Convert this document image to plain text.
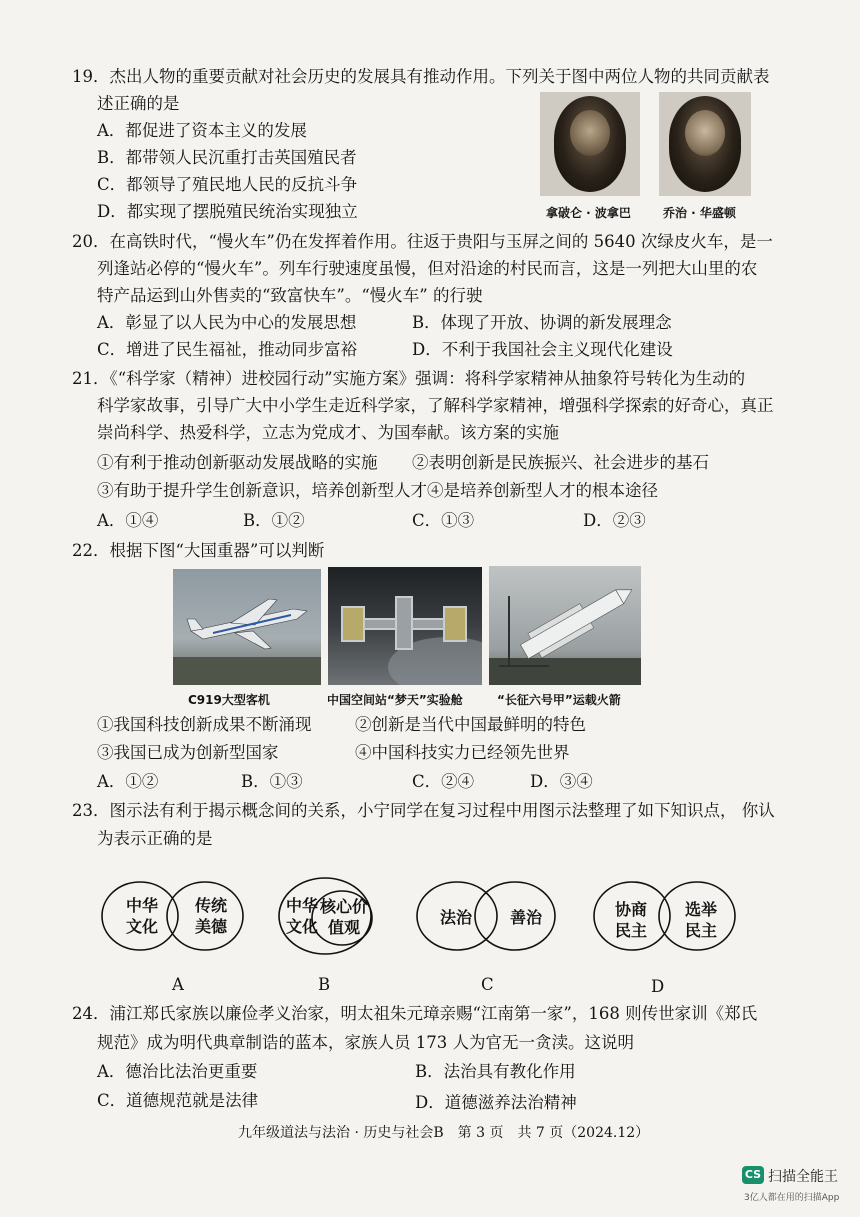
19．杰出人物的重要贡献对社会历史的发展具有推动作用。下列关于图中两位人物的共同贡献表
述正确的是
A．都促进了资本主义的发展
B．都带领人民沉重打击英国殖民者
C．都领导了殖民地人民的反抗斗争
D．都实现了摆脱殖民统治实现独立	拿破仑 · 波拿巴	乔治 · 华盛顿
20．在高铁时代，“慢火车”仍在发挥着作用。往返于贵阳与玉屏之间的 5640 次绿皮火车，是一
列逢站必停的“慢火车”。列车行驶速度虽慢，但对沿途的村民而言，这是一列把大山里的农
特产品运到山外售卖的“致富快车”。“慢火车” 的行驶
A．彰显了以人民为中心的发展思想	B．体现了开放、协调的新发展理念
C．增进了民生福祉，推动同步富裕	D．不利于我国社会主义现代化建设
21．《“科学家（精神）进校园行动”实施方案》强调：将科学家精神从抽象符号转化为生动的
科学家故事，引导广大中小学生走近科学家，了解科学家精神，增强科学探索的好奇心，真正
崇尚科学、热爱科学，立志为党成才、为国奉献。该方案的实施
①有利于推动创新驱动发展战略的实施 ②表明创新是民族振兴、社会进步的基石
③有助于提升学生创新意识，培养创新型人才④是培养创新型人才的根本途径
A．①④	B．①②	C．①③	D．②③
22．根据下图“大国重器”可以判断
C919大型客机	中国空间站“梦天”实验舱	“长征六号甲”运载火箭
①我国科技创新成果不断涌现	②创新是当代中国最鲜明的特色
③我国已成为创新型国家	④中国科技实力已经领先世界
A．①②	B．①③	C．②④	D．③④
23．图示法有利于揭示概念间的关系，小宁同学在复习过程中用图示法整理了如下知识点， 你认
为表示正确的是
中华
文化
传统
美德
中华
文化
核心价
值观
法治 善治	协商
民主
选举
民主
A	B	C	D
24．浦江郑氏家族以廉俭孝义治家，明太祖朱元璋亲赐“江南第一家”，168 则传世家训《郑氏
规范》成为明代典章制诰的蓝本，家族人员 173 人为官无一贪渎。这说明
A．德治比法治更重要	B．法治具有教化作用
C．道德规范就是法律	D．道德滋养法治精神
九年级道法与法治 · 历史与社会B　第 3 页　共 7 页（2024.12）
CS 扫描全能王
3亿人都在用的扫描App
